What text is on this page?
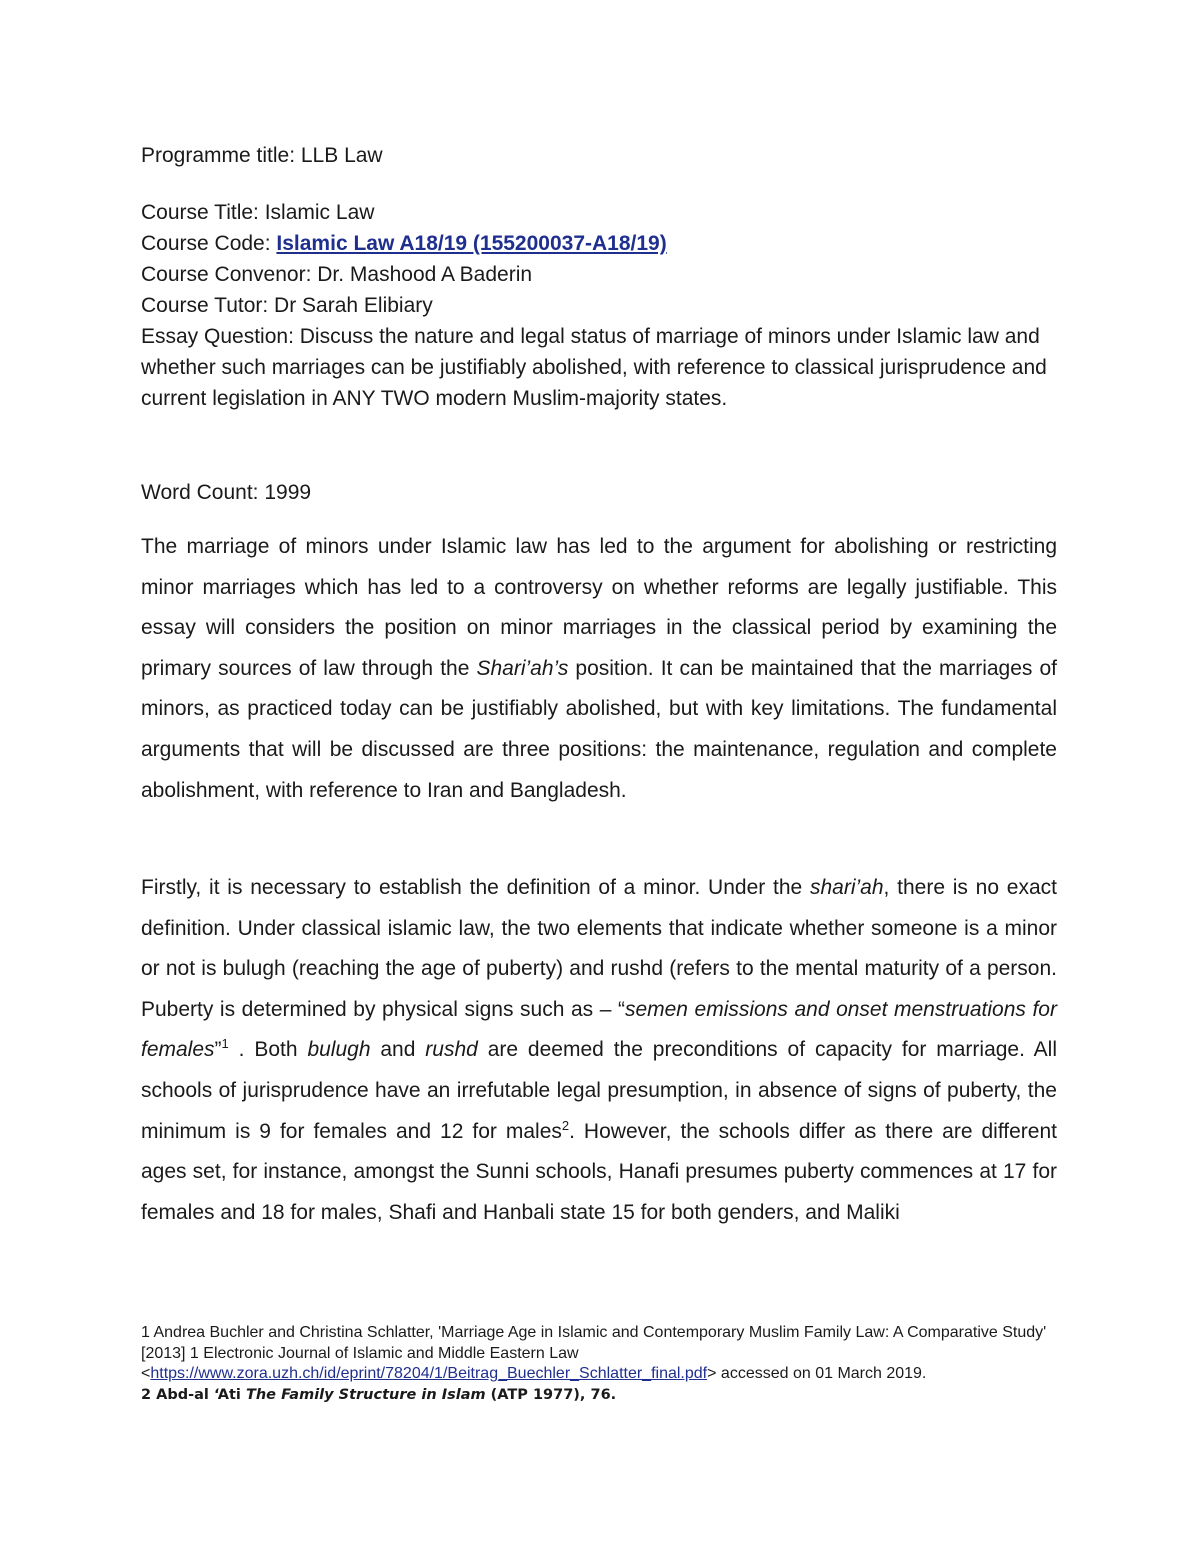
Programme title: LLB Law

Course Title: Islamic Law

Course Code: Islamic Law A18/19 (155200037-A18/19)

Course Convenor: Dr. Mashood A Baderin

Course Tutor: Dr Sarah Elibiary

Essay Question: Discuss the nature and legal status of marriage of minors under Islamic law and whether such marriages can be justifiably abolished, with reference to classical jurisprudence and current legislation in ANY TWO modern Muslim-majority states.

Word Count: 1999

The marriage of minors under Islamic law has led to the argument for abolishing or restricting minor marriages which has led to a controversy on whether reforms are legally justifiable. This essay will considers the position on minor marriages in the classical period by examining the primary sources of law through the Shari’ah’s position. It can be maintained that the marriages of minors, as practiced today can be justifiably abolished, but with key limitations. The fundamental arguments that will be discussed are three positions: the maintenance, regulation and complete abolishment, with reference to Iran and Bangladesh.

Firstly, it is necessary to establish the definition of a minor. Under the shari’ah, there is no exact definition. Under classical islamic law, the two elements that indicate whether someone is a minor or not is bulugh (reaching the age of puberty) and rushd (refers to the mental maturity of a person. Puberty is determined by physical signs such as – “semen emissions and onset menstruations for females”$^1$ . Both bulugh and rushd are deemed the preconditions of capacity for marriage. All schools of jurisprudence have an irrefutable legal presumption, in absence of signs of puberty, the minimum is 9 for females and 12 for males$^2$. However, the schools differ as there are different ages set, for instance, amongst the Sunni schools, Hanafi presumes puberty commences at 17 for females and 18 for males, Shafi and Hanbali state 15 for both genders, and Maliki

1 Andrea Buchler and Christina Schlatter, 'Marriage Age in Islamic and Contemporary Muslim Family Law: A Comparative Study' [2013] 1 Electronic Journal of Islamic and Middle Eastern Law <https://www.zora.uzh.ch/id/eprint/78204/1/Beitrag_Buechler_Schlatter_final.pdf> accessed on 01 March 2019.

2 Abd-al ‘Ati The Family Structure in Islam (ATP 1977), 76.
